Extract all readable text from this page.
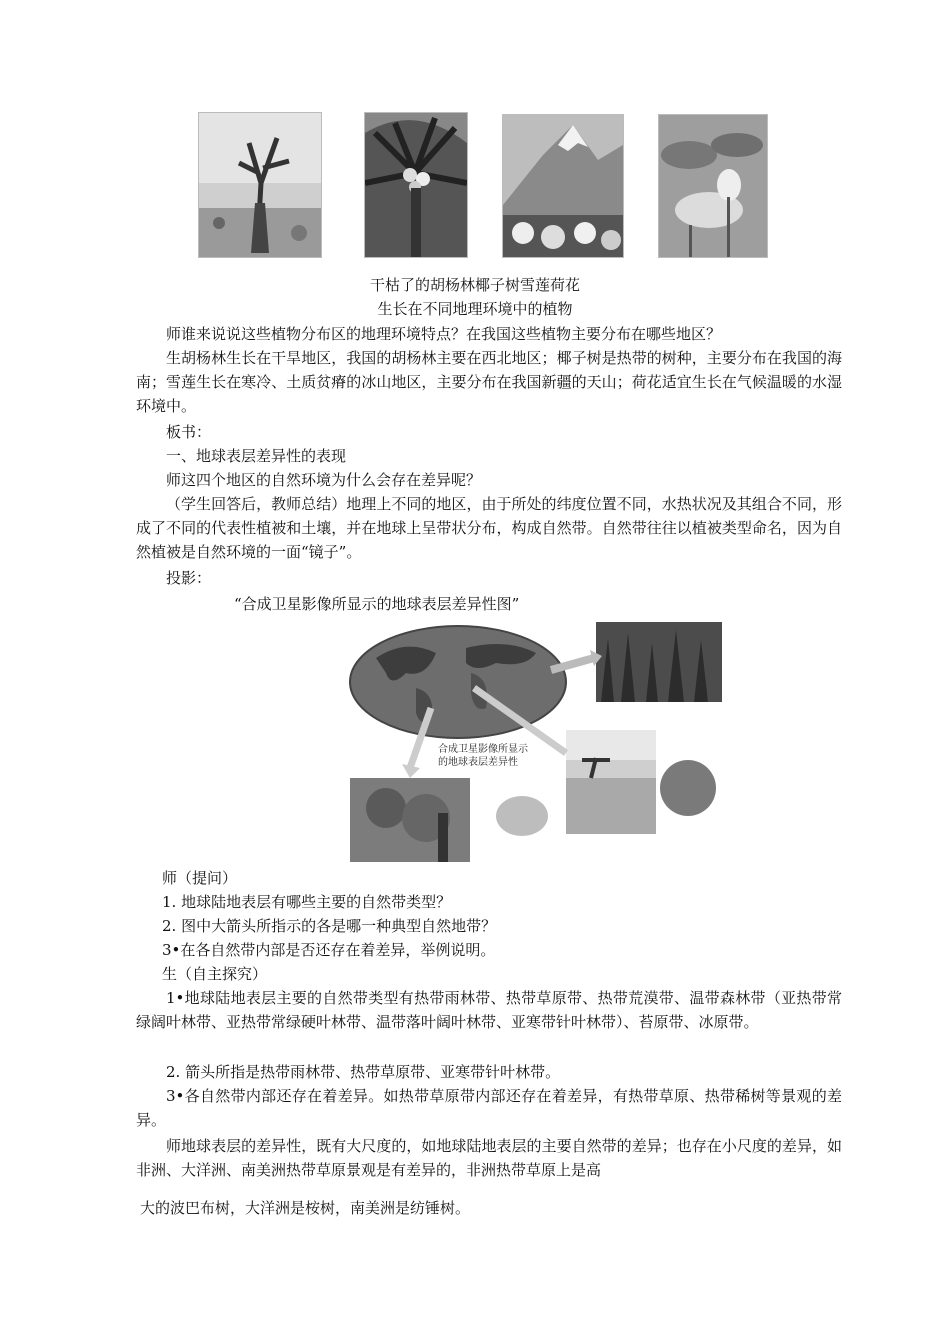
干枯了的胡杨林椰子树雪莲荷花
生长在不同地理环境中的植物

师谁来说说这些植物分布区的地理环境特点？在我国这些植物主要分布在哪些地区？

生胡杨林生长在干旱地区，我国的胡杨林主要在西北地区；椰子树是热带的树种，主要分布在我国的海南；雪莲生长在寒冷、土质贫瘠的冰山地区，主要分布在我国新疆的天山；荷花适宜生长在气候温暖的水湿环境中。

板书：

一、地球表层差异性的表现

师这四个地区的自然环境为什么会存在差异呢？

（学生回答后，教师总结）地理上不同的地区，由于所处的纬度位置不同，水热状况及其组合不同，形成了不同的代表性植被和土壤，并在地球上呈带状分布，构成自然带。自然带往往以植被类型命名，因为自然植被是自然环境的一面“镜子”。

投影：

“合成卫星影像所显示的地球表层差异性图”
合成卫星影像所显示
的地球表层差异性
师（提问）
1. 地球陆地表层有哪些主要的自然带类型？
2. 图中大箭头所指示的各是哪一种典型自然地带？
3•在各自然带内部是否还存在着差异，举例说明。
生（自主探究）

1•地球陆地表层主要的自然带类型有热带雨林带、热带草原带、热带荒漠带、温带森林带（亚热带常绿阔叶林带、亚热带常绿硬叶林带、温带落叶阔叶林带、亚寒带针叶林带）、苔原带、冰原带。

2. 箭头所指是热带雨林带、热带草原带、亚寒带针叶林带。

3•各自然带内部还存在着差异。如热带草原带内部还存在着差异，有热带草原、热带稀树等景观的差异。

师地球表层的差异性，既有大尺度的，如地球陆地表层的主要自然带的差异；也存在小尺度的差异，如非洲、大洋洲、南美洲热带草原景观是有差异的，非洲热带草原上是高

大的波巴布树，大洋洲是桉树，南美洲是纺锤树。
